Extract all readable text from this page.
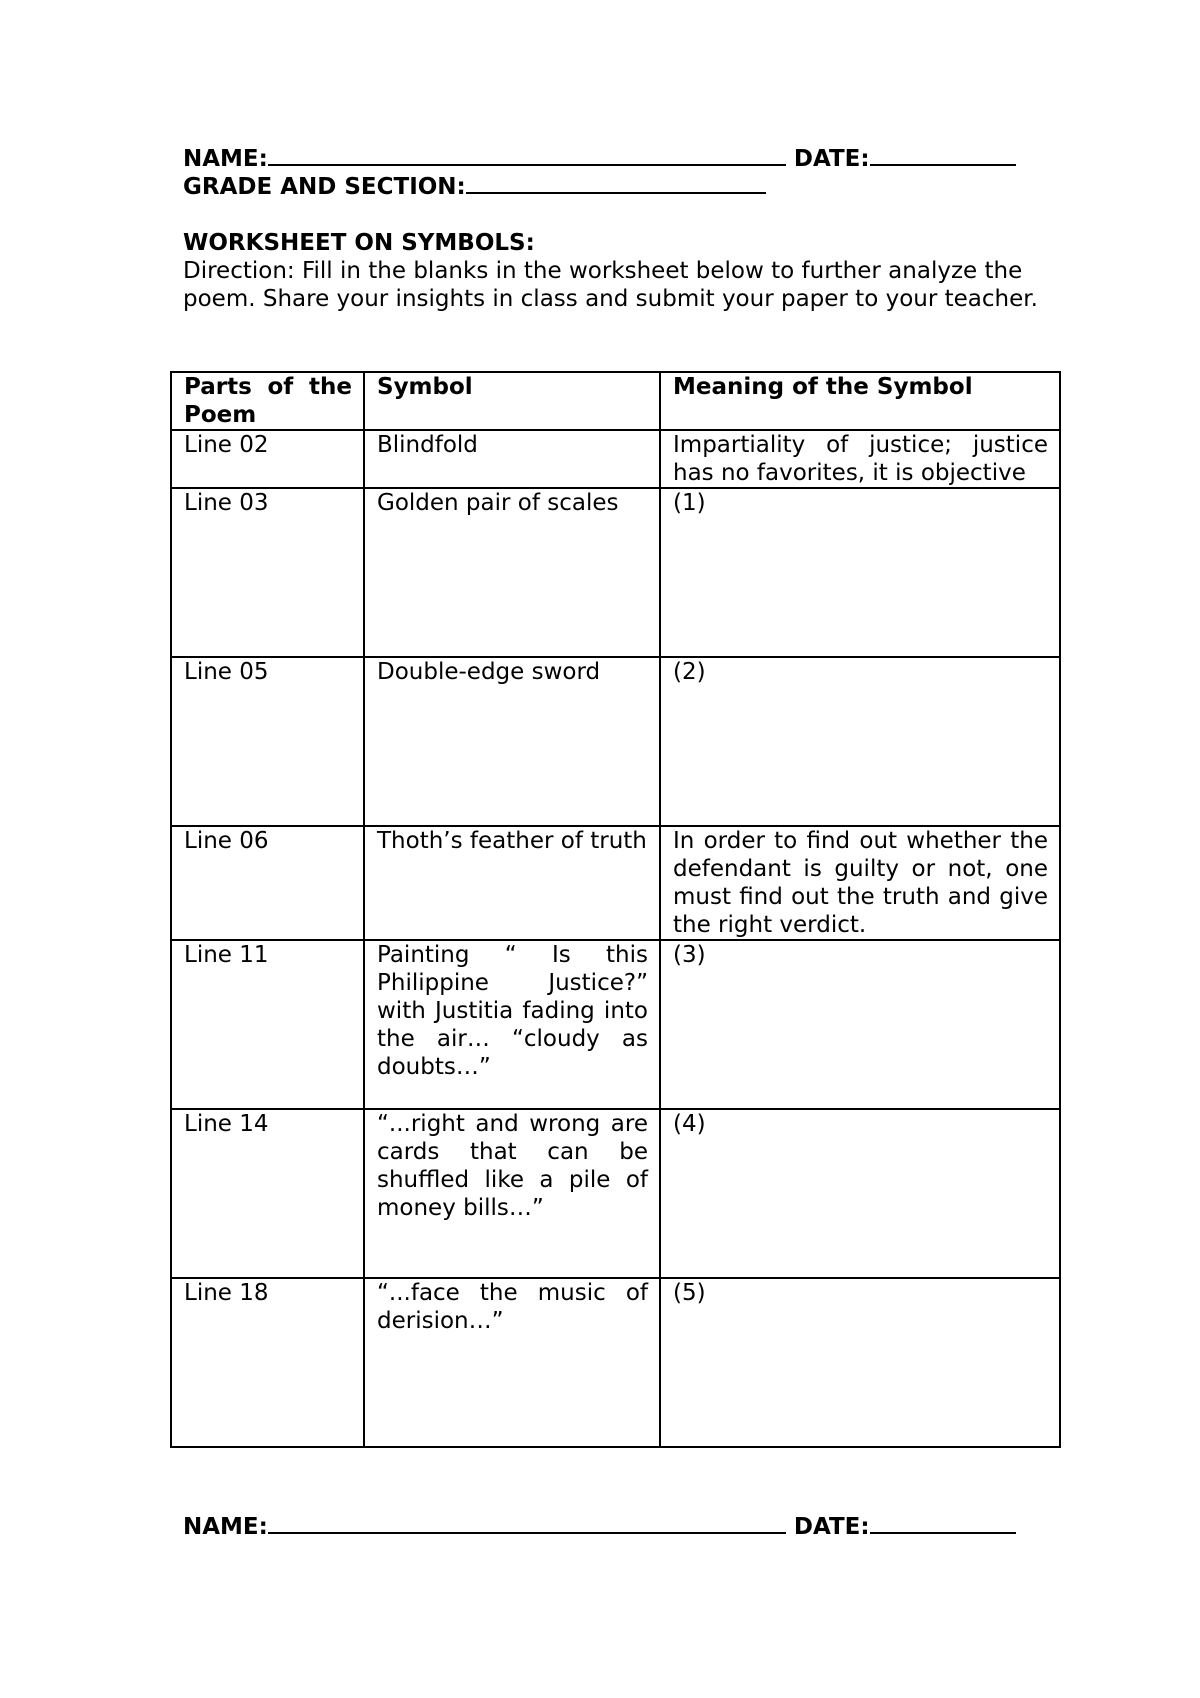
NAME:	DATE:
GRADE AND SECTION:
WORKSHEET ON SYMBOLS:
Direction: Fill in the blanks in the worksheet below to further analyze the poem. Share your insights in class and submit your paper to your teacher.
Parts of the Poem	Symbol	Meaning of the Symbol
Line 02	Blindfold	Impartiality of justice; justice has no favorites, it is objective
Line 03	Golden pair of scales	(1)
Line 05	Double-edge sword	(2)
Line 06	Thoth’s feather of truth	In order to find out whether the defendant is guilty or not, one must find out the truth and give the right verdict.
Line 11	Painting “ Is this Philippine Justice?” with Justitia fading into the air… “cloudy as doubts…”	(3)
Line 14	“...right and wrong are cards that can be shuffled like a pile of money bills…”	(4)
Line 18	“...face the music of derision…”	(5)
NAME:	DATE:
